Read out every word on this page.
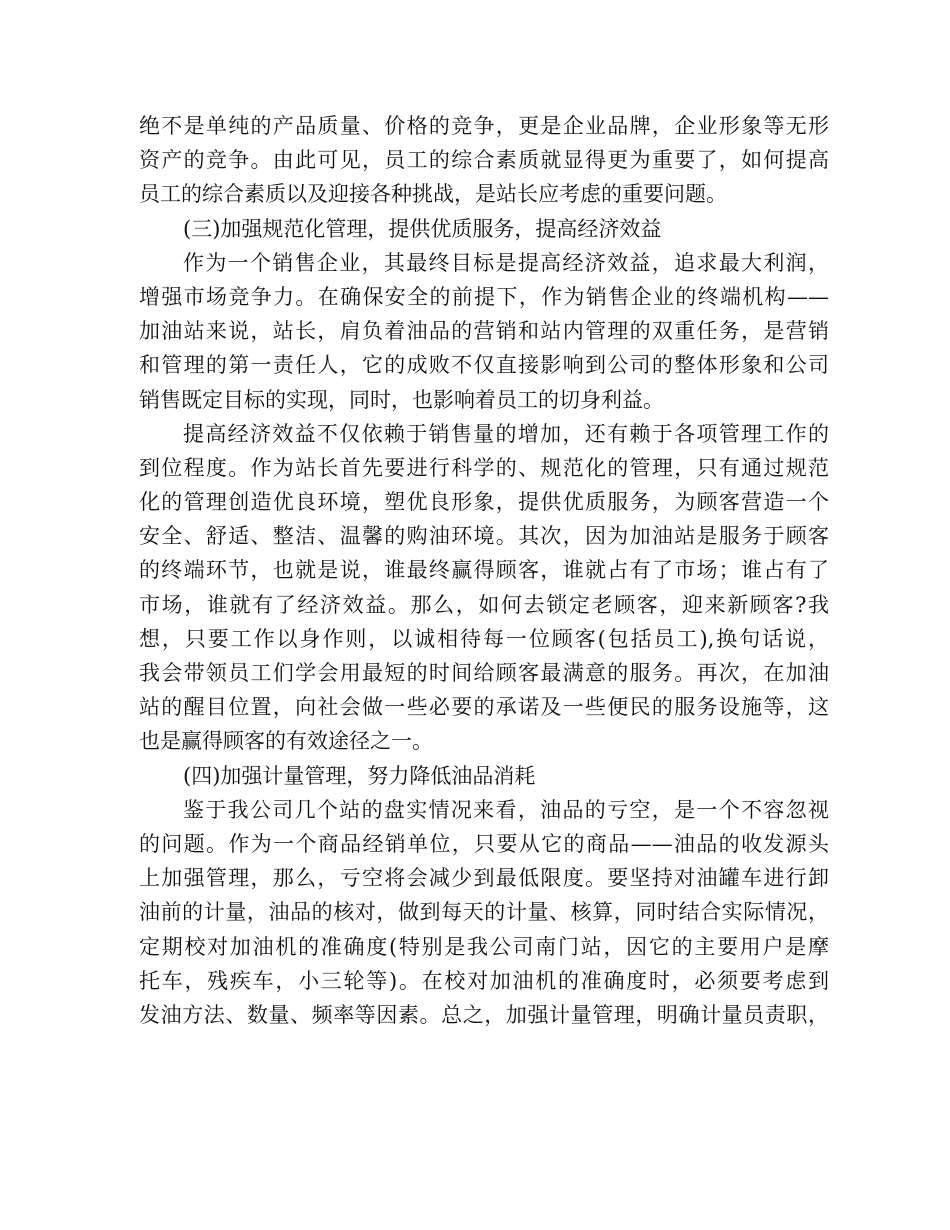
绝不是单纯的产品质量、价格的竞争，更是企业品牌，企业形象等无形
资产的竞争。由此可见，员工的综合素质就显得更为重要了，如何提高
员工的综合素质以及迎接各种挑战，是站长应考虑的重要问题。
(三)加强规范化管理，提供优质服务，提高经济效益
作为一个销售企业，其最终目标是提高经济效益，追求最大利润，
增强市场竞争力。在确保安全的前提下，作为销售企业的终端机构——
加油站来说，站长，肩负着油品的营销和站内管理的双重任务，是营销
和管理的第一责任人，它的成败不仅直接影响到公司的整体形象和公司
销售既定目标的实现，同时，也影响着员工的切身利益。
提高经济效益不仅依赖于销售量的增加，还有赖于各项管理工作的
到位程度。作为站长首先要进行科学的、规范化的管理，只有通过规范
化的管理创造优良环境，塑优良形象，提供优质服务，为顾客营造一个
安全、舒适、整洁、温馨的购油环境。其次，因为加油站是服务于顾客
的终端环节，也就是说，谁最终赢得顾客，谁就占有了市场；谁占有了
市场，谁就有了经济效益。那么，如何去锁定老顾客，迎来新顾客?我
想，只要工作以身作则，以诚相待每一位顾客(包括员工),换句话说，
我会带领员工们学会用最短的时间给顾客最满意的服务。再次，在加油
站的醒目位置，向社会做一些必要的承诺及一些便民的服务设施等，这
也是赢得顾客的有效途径之一。
(四)加强计量管理，努力降低油品消耗
鉴于我公司几个站的盘实情况来看，油品的亏空，是一个不容忽视
的问题。作为一个商品经销单位，只要从它的商品——油品的收发源头
上加强管理，那么，亏空将会减少到最低限度。要坚持对油罐车进行卸
油前的计量，油品的核对，做到每天的计量、核算，同时结合实际情况，
定期校对加油机的准确度(特别是我公司南门站，因它的主要用户是摩
托车，残疾车，小三轮等)。在校对加油机的准确度时，必须要考虑到
发油方法、数量、频率等因素。总之，加强计量管理，明确计量员责职，
